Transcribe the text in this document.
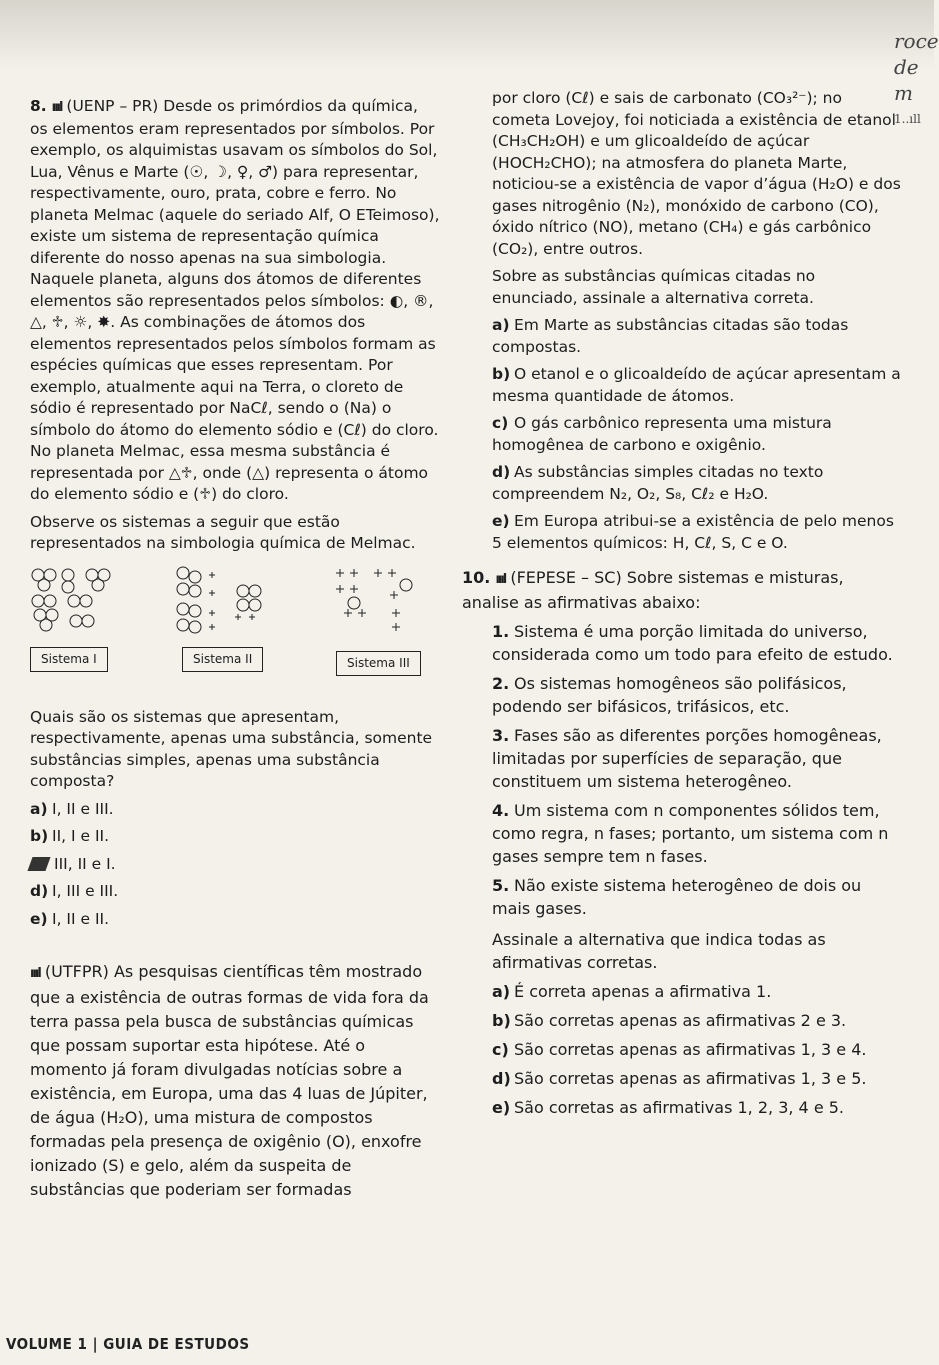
roce
de m
1..ıll

8. ıııl (UENP – PR) Desde os primórdios da química, os elementos eram representados por símbolos. Por exemplo, os alquimistas usavam os símbolos do Sol, Lua, Vênus e Marte (☉, ☽, ♀, ♂) para representar, respectivamente, ouro, prata, cobre e ferro. No planeta Melmac (aquele do seriado Alf, O ETeimoso), existe um sistema de representação química diferente do nosso apenas na sua simbologia. Naquele planeta, alguns dos átomos de diferentes elementos são representados pelos símbolos: ◐, ®, △, ♱, ☼, ✸. As combinações de átomos dos elementos representados pelos símbolos formam as espécies químicas que esses representam. Por exemplo, atualmente aqui na Terra, o cloreto de sódio é representado por NaCℓ, sendo o (Na) o símbolo do átomo do elemento sódio e (Cℓ) do cloro. No planeta Melmac, essa mesma substância é representada por △♱, onde (△) representa o átomo do elemento sódio e (♱) do cloro.

Observe os sistemas a seguir que estão representados na simbologia química de Melmac.

Sistema I	Sistema II	Sistema III

Quais são os sistemas que apresentam, respectivamente, apenas uma substância, somente substâncias simples, apenas uma substância composta?

a) I, II e III.
b) II, I e II.
III, II e I.
d) I, III e III.
e) I, II e II.

ıııl (UTFPR) As pesquisas científicas têm mostrado que a existência de outras formas de vida fora da terra passa pela busca de substâncias químicas que possam suportar esta hipótese. Até o momento já foram divulgadas notícias sobre a existência, em Europa, uma das 4 luas de Júpiter, de água (H₂O), uma mistura de compostos formadas pela presença de oxigênio (O), enxofre ionizado (S) e gelo, além da suspeita de substâncias que poderiam ser formadas

por cloro (Cℓ) e sais de carbonato (CO₃²⁻); no cometa Lovejoy, foi noticiada a existência de etanol (CH₃CH₂OH) e um glicoaldeído de açúcar (HOCH₂CHO); na atmosfera do planeta Marte, noticiou-se a existência de vapor d’água (H₂O) e dos gases nitrogênio (N₂), monóxido de carbono (CO), óxido nítrico (NO), metano (CH₄) e gás carbônico (CO₂), entre outros.

Sobre as substâncias químicas citadas no enunciado, assinale a alternativa correta.

a) Em Marte as substâncias citadas são todas compostas.
b) O etanol e o glicoaldeído de açúcar apresentam a mesma quantidade de átomos.
c) O gás carbônico representa uma mistura homogênea de carbono e oxigênio.
d) As substâncias simples citadas no texto compreendem N₂, O₂, S₈, Cℓ₂ e H₂O.
e) Em Europa atribui-se a existência de pelo menos 5 elementos químicos: H, Cℓ, S, C e O.

10. ıııl (FEPESE – SC) Sobre sistemas e misturas, analise as afirmativas abaixo:

1. Sistema é uma porção limitada do universo, considerada como um todo para efeito de estudo.
2. Os sistemas homogêneos são polifásicos, podendo ser bifásicos, trifásicos, etc.
3. Fases são as diferentes porções homogêneas, limitadas por superfícies de separação, que constituem um sistema heterogêneo.
4. Um sistema com n componentes sólidos tem, como regra, n fases; portanto, um sistema com n gases sempre tem n fases.
5. Não existe sistema heterogêneo de dois ou mais gases.

Assinale a alternativa que indica todas as afirmativas corretas.

a) É correta apenas a afirmativa 1.
b) São corretas apenas as afirmativas 2 e 3.
c) São corretas apenas as afirmativas 1, 3 e 4.
d) São corretas apenas as afirmativas 1, 3 e 5.
e) São corretas as afirmativas 1, 2, 3, 4 e 5.
VOLUME 1 | GUIA DE ESTUDOS
